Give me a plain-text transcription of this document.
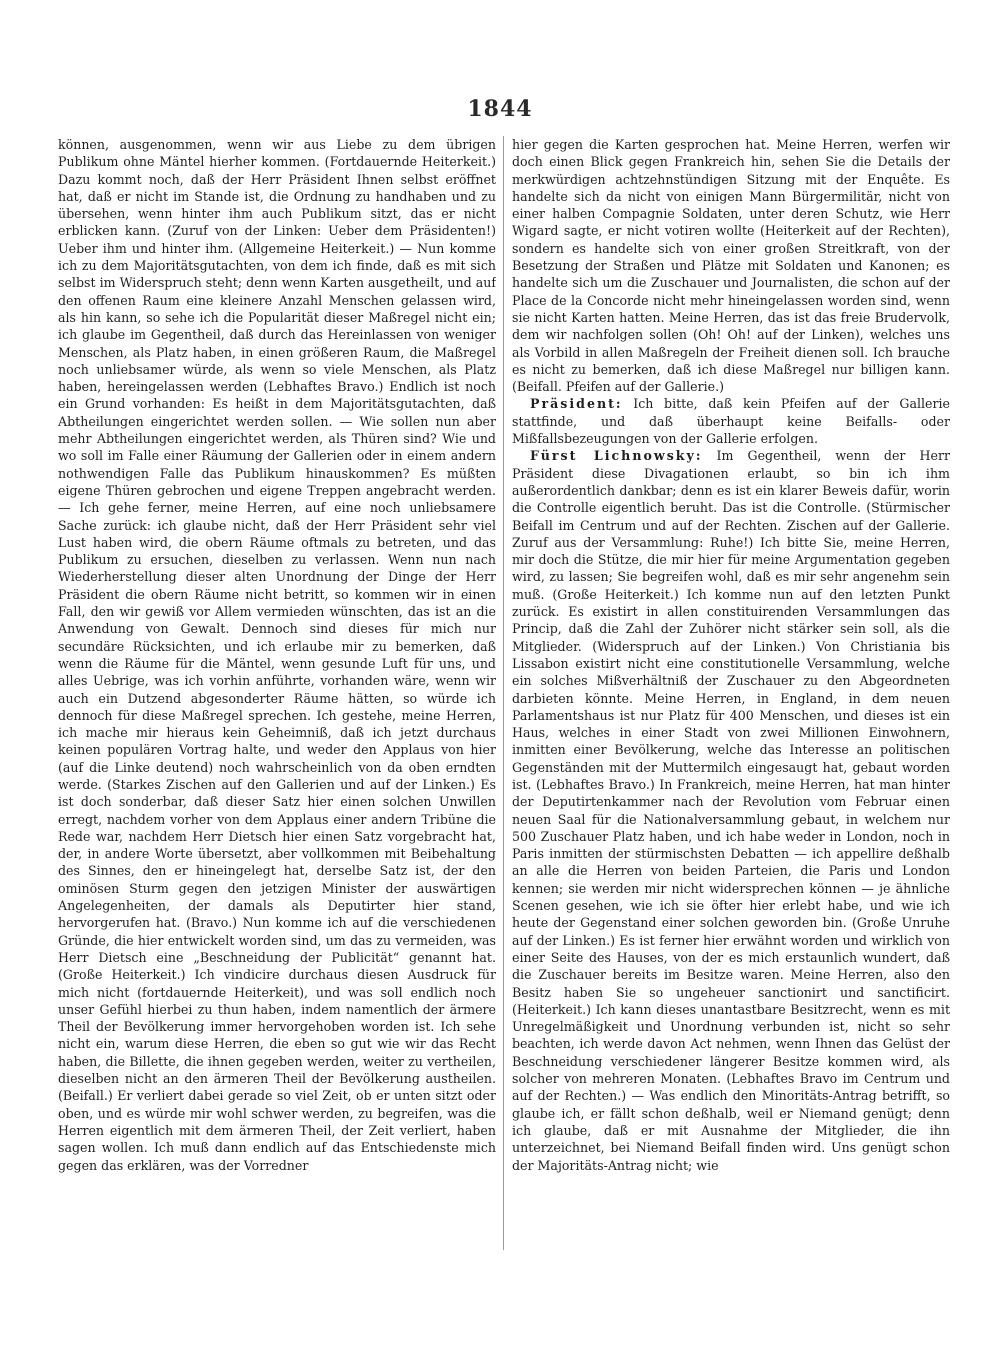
1844

können, ausgenommen, wenn wir aus Liebe zu dem übrigen Publikum ohne Mäntel hierher kommen. (Fortdauernde Heiterkeit.) Dazu kommt noch, daß der Herr Präsident Ihnen selbst eröffnet hat, daß er nicht im Stande ist, die Ordnung zu handhaben und zu übersehen, wenn hinter ihm auch Publikum sitzt, das er nicht erblicken kann. (Zuruf von der Linken: Ueber dem Präsidenten!) Ueber ihm und hinter ihm. (Allgemeine Heiterkeit.) — Nun komme ich zu dem Majoritätsgutachten, von dem ich finde, daß es mit sich selbst im Widerspruch steht; denn wenn Karten ausgetheilt, und auf den offenen Raum eine kleinere Anzahl Menschen gelassen wird, als hin kann, so sehe ich die Popularität dieser Maßregel nicht ein; ich glaube im Gegentheil, daß durch das Hereinlassen von weniger Menschen, als Platz haben, in einen größeren Raum, die Maßregel noch unliebsamer würde, als wenn so viele Menschen, als Platz haben, hereingelassen werden (Lebhaftes Bravo.) Endlich ist noch ein Grund vorhanden: Es heißt in dem Majoritätsgutachten, daß Abtheilungen eingerichtet werden sollen. — Wie sollen nun aber mehr Abtheilungen eingerichtet werden, als Thüren sind? Wie und wo soll im Falle einer Räumung der Gallerien oder in einem andern nothwendigen Falle das Publikum hinauskommen? Es müßten eigene Thüren gebrochen und eigene Treppen angebracht werden. — Ich gehe ferner, meine Herren, auf eine noch unliebsamere Sache zurück: ich glaube nicht, daß der Herr Präsident sehr viel Lust haben wird, die obern Räume oftmals zu betreten, und das Publikum zu ersuchen, dieselben zu verlassen. Wenn nun nach Wiederherstellung dieser alten Unordnung der Dinge der Herr Präsident die obern Räume nicht betritt, so kommen wir in einen Fall, den wir gewiß vor Allem vermieden wünschten, das ist an die Anwendung von Gewalt. Dennoch sind dieses für mich nur secundäre Rücksichten, und ich erlaube mir zu bemerken, daß wenn die Räume für die Mäntel, wenn gesunde Luft für uns, und alles Uebrige, was ich vorhin anführte, vorhanden wäre, wenn wir auch ein Dutzend abgesonderter Räume hätten, so würde ich dennoch für diese Maßregel sprechen. Ich gestehe, meine Herren, ich mache mir hieraus kein Geheimniß, daß ich jetzt durchaus keinen populären Vortrag halte, und weder den Applaus von hier (auf die Linke deutend) noch wahrscheinlich von da oben erndten werde. (Starkes Zischen auf den Gallerien und auf der Linken.) Es ist doch sonderbar, daß dieser Satz hier einen solchen Unwillen erregt, nachdem vorher von dem Applaus einer andern Tribüne die Rede war, nachdem Herr Dietsch hier einen Satz vorgebracht hat, der, in andere Worte übersetzt, aber vollkommen mit Beibehaltung des Sinnes, den er hineingelegt hat, derselbe Satz ist, der den ominösen Sturm gegen den jetzigen Minister der auswärtigen Angelegenheiten, der damals als Deputirter hier stand, hervorgerufen hat. (Bravo.) Nun komme ich auf die verschiedenen Gründe, die hier entwickelt worden sind, um das zu vermeiden, was Herr Dietsch eine „Beschneidung der Publicität“ genannt hat. (Große Heiterkeit.) Ich vindicire durchaus diesen Ausdruck für mich nicht (fortdauernde Heiterkeit), und was soll endlich noch unser Gefühl hierbei zu thun haben, indem namentlich der ärmere Theil der Bevölkerung immer hervorgehoben worden ist. Ich sehe nicht ein, warum diese Herren, die eben so gut wie wir das Recht haben, die Billette, die ihnen gegeben werden, weiter zu vertheilen, dieselben nicht an den ärmeren Theil der Bevölkerung austheilen. (Beifall.) Er verliert dabei gerade so viel Zeit, ob er unten sitzt oder oben, und es würde mir wohl schwer werden, zu begreifen, was die Herren eigentlich mit dem ärmeren Theil, der Zeit verliert, haben sagen wollen. Ich muß dann endlich auf das Entschiedenste mich gegen das erklären, was der Vorredner

hier gegen die Karten gesprochen hat. Meine Herren, werfen wir doch einen Blick gegen Frankreich hin, sehen Sie die Details der merkwürdigen achtzehnstündigen Sitzung mit der Enquête. Es handelte sich da nicht von einigen Mann Bürgermilitär, nicht von einer halben Compagnie Soldaten, unter deren Schutz, wie Herr Wigard sagte, er nicht votiren wollte (Heiterkeit auf der Rechten), sondern es handelte sich von einer großen Streitkraft, von der Besetzung der Straßen und Plätze mit Soldaten und Kanonen; es handelte sich um die Zuschauer und Journalisten, die schon auf der Place de la Concorde nicht mehr hineingelassen worden sind, wenn sie nicht Karten hatten. Meine Herren, das ist das freie Brudervolk, dem wir nachfolgen sollen (Oh! Oh! auf der Linken), welches uns als Vorbild in allen Maßregeln der Freiheit dienen soll. Ich brauche es nicht zu bemerken, daß ich diese Maßregel nur billigen kann. (Beifall. Pfeifen auf der Gallerie.)

Präsident: Ich bitte, daß kein Pfeifen auf der Gallerie stattfinde, und daß überhaupt keine Beifalls- oder Mißfallsbezeugungen von der Gallerie erfolgen.

Fürst Lichnowsky: Im Gegentheil, wenn der Herr Präsident diese Divagationen erlaubt, so bin ich ihm außerordentlich dankbar; denn es ist ein klarer Beweis dafür, worin die Controlle eigentlich beruht. Das ist die Controlle. (Stürmischer Beifall im Centrum und auf der Rechten. Zischen auf der Gallerie. Zuruf aus der Versammlung: Ruhe!) Ich bitte Sie, meine Herren, mir doch die Stütze, die mir hier für meine Argumentation gegeben wird, zu lassen; Sie begreifen wohl, daß es mir sehr angenehm sein muß. (Große Heiterkeit.) Ich komme nun auf den letzten Punkt zurück. Es existirt in allen constituirenden Versammlungen das Princip, daß die Zahl der Zuhörer nicht stärker sein soll, als die Mitglieder. (Widerspruch auf der Linken.) Von Christiania bis Lissabon existirt nicht eine constitutionelle Versammlung, welche ein solches Mißverhältniß der Zuschauer zu den Abgeordneten darbieten könnte. Meine Herren, in England, in dem neuen Parlamentshaus ist nur Platz für 400 Menschen, und dieses ist ein Haus, welches in einer Stadt von zwei Millionen Einwohnern, inmitten einer Bevölkerung, welche das Interesse an politischen Gegenständen mit der Muttermilch eingesaugt hat, gebaut worden ist. (Lebhaftes Bravo.) In Frankreich, meine Herren, hat man hinter der Deputirtenkammer nach der Revolution vom Februar einen neuen Saal für die Nationalversammlung gebaut, in welchem nur 500 Zuschauer Platz haben, und ich habe weder in London, noch in Paris inmitten der stürmischsten Debatten — ich appellire deßhalb an alle die Herren von beiden Parteien, die Paris und London kennen; sie werden mir nicht widersprechen können — je ähnliche Scenen gesehen, wie ich sie öfter hier erlebt habe, und wie ich heute der Gegenstand einer solchen geworden bin. (Große Unruhe auf der Linken.) Es ist ferner hier erwähnt worden und wirklich von einer Seite des Hauses, von der es mich erstaunlich wundert, daß die Zuschauer bereits im Besitze waren. Meine Herren, also den Besitz haben Sie so ungeheuer sanctionirt und sanctificirt. (Heiterkeit.) Ich kann dieses unantastbare Besitzrecht, wenn es mit Unregelmäßigkeit und Unordnung verbunden ist, nicht so sehr beachten, ich werde davon Act nehmen, wenn Ihnen das Gelüst der Beschneidung verschiedener längerer Besitze kommen wird, als solcher von mehreren Monaten. (Lebhaftes Bravo im Centrum und auf der Rechten.) — Was endlich den Minoritäts-Antrag betrifft, so glaube ich, er fällt schon deßhalb, weil er Niemand genügt; denn ich glaube, daß er mit Ausnahme der Mitglieder, die ihn unterzeichnet, bei Niemand Beifall finden wird. Uns genügt schon der Majoritäts-Antrag nicht; wie
